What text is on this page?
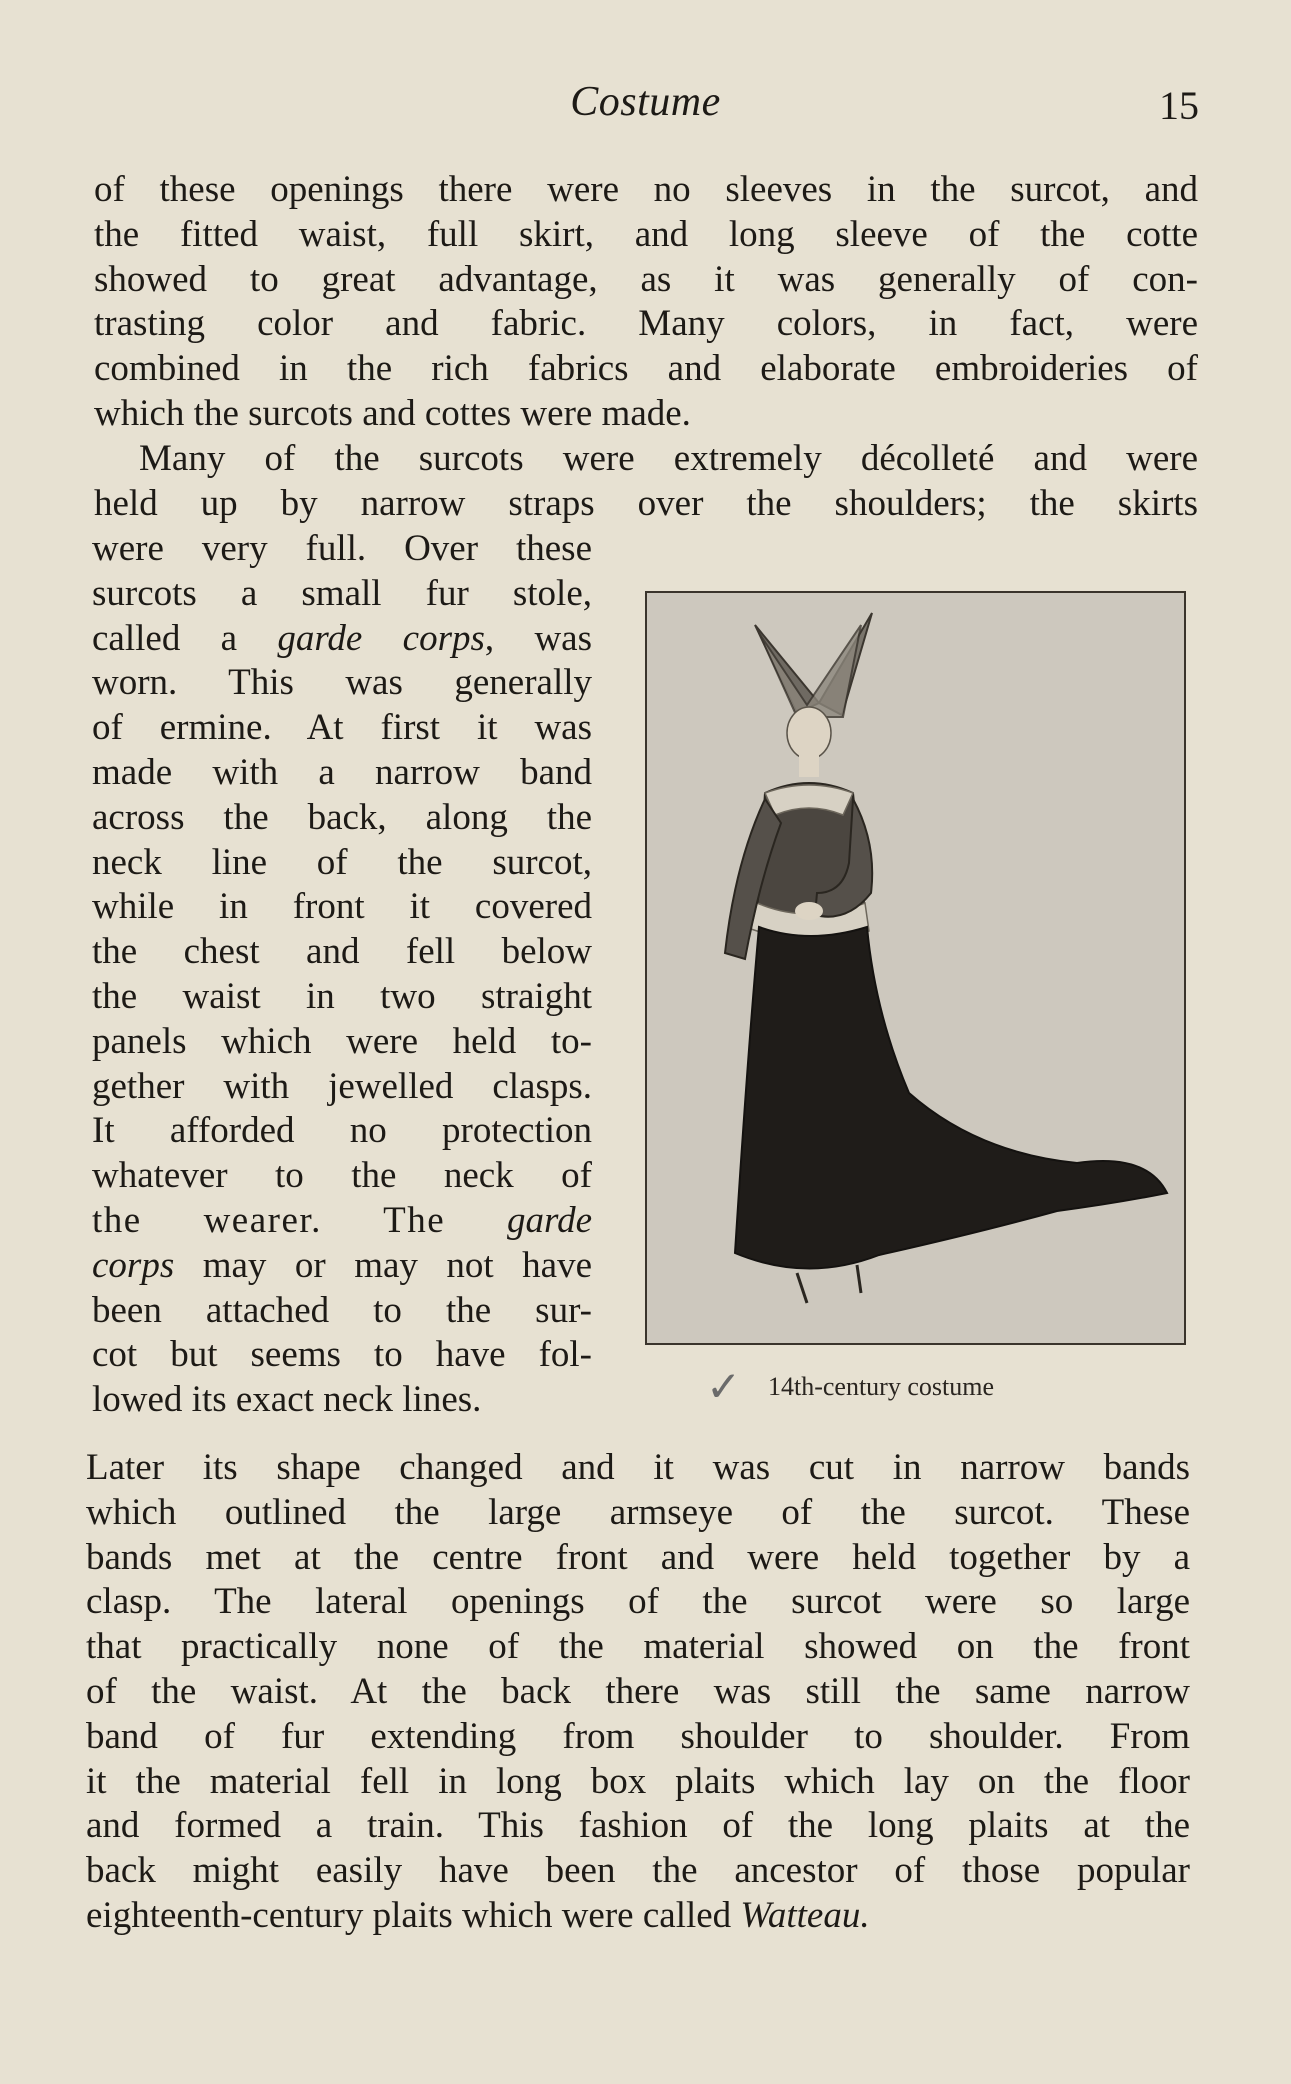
Costume	15
of these openings there were no sleeves in the surcot, and
the fitted waist, full skirt, and long sleeve of the cotte
showed to great advantage, as it was generally of con-
trasting color and fabric. Many colors, in fact, were
combined in the rich fabrics and elaborate embroideries of
which the surcots and cottes were made.
Many of the surcots were extremely décolleté and were
held up by narrow straps over the shoulders; the skirts
were very full. Over these
surcots a small fur stole,
called a garde corps, was
worn. This was generally
of ermine. At first it was
made with a narrow band
across the back, along the
neck line of the surcot,
while in front it covered
the chest and fell below
the waist in two straight
panels which were held to-
gether with jewelled clasps.
It afforded no protection
whatever to the neck of
the wearer. The garde
corps may or may not have
been attached to the sur-
cot but seems to have fol-
lowed its exact neck lines.	✓ 14th-century costume
Later its shape changed and it was cut in narrow bands
which outlined the large armseye of the surcot. These
bands met at the centre front and were held together by a
clasp. The lateral openings of the surcot were so large
that practically none of the material showed on the front
of the waist. At the back there was still the same narrow
band of fur extending from shoulder to shoulder. From
it the material fell in long box plaits which lay on the floor
and formed a train. This fashion of the long plaits at the
back might easily have been the ancestor of those popular
eighteenth-century plaits which were called Watteau.
